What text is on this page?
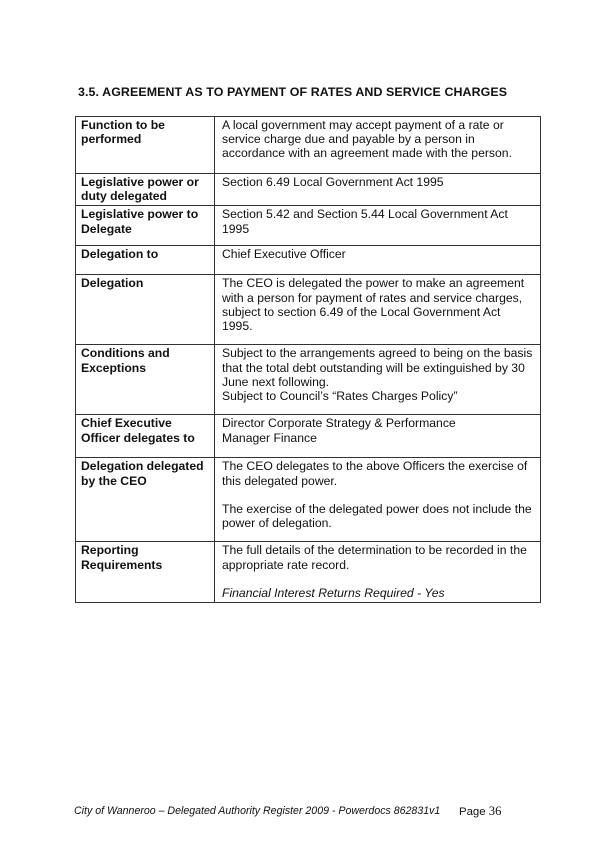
3.5. AGREEMENT AS TO PAYMENT OF RATES AND SERVICE CHARGES
Function to be performed	A local government may accept payment of a rate or service charge due and payable by a person in accordance with an agreement made with the person.

Legislative power or duty delegated	Section 6.49 Local Government Act 1995

Legislative power to Delegate	Section 5.42 and Section 5.44 Local Government Act 1995

Delegation to	Chief Executive Officer

Delegation	The CEO is delegated the power to make an agreement with a person for payment of rates and service charges, subject to section 6.49 of the Local Government Act 1995.

Conditions and Exceptions	Subject to the arrangements agreed to being on the basis that the total debt outstanding will be extinguished by 30 June next following.
Subject to Council’s “Rates Charges Policy”

Chief Executive Officer delegates to	Director Corporate Strategy & Performance
Manager Finance

Delegation delegated by the CEO	The CEO delegates to the above Officers the exercise of this delegated power.
The exercise of the delegated power does not include the power of delegation.

Reporting Requirements	The full details of the determination to be recorded in the appropriate rate record.
Financial Interest Returns Required - Yes
City of Wanneroo – Delegated Authority Register 2009 - Powerdocs 862831v1 Page 36
